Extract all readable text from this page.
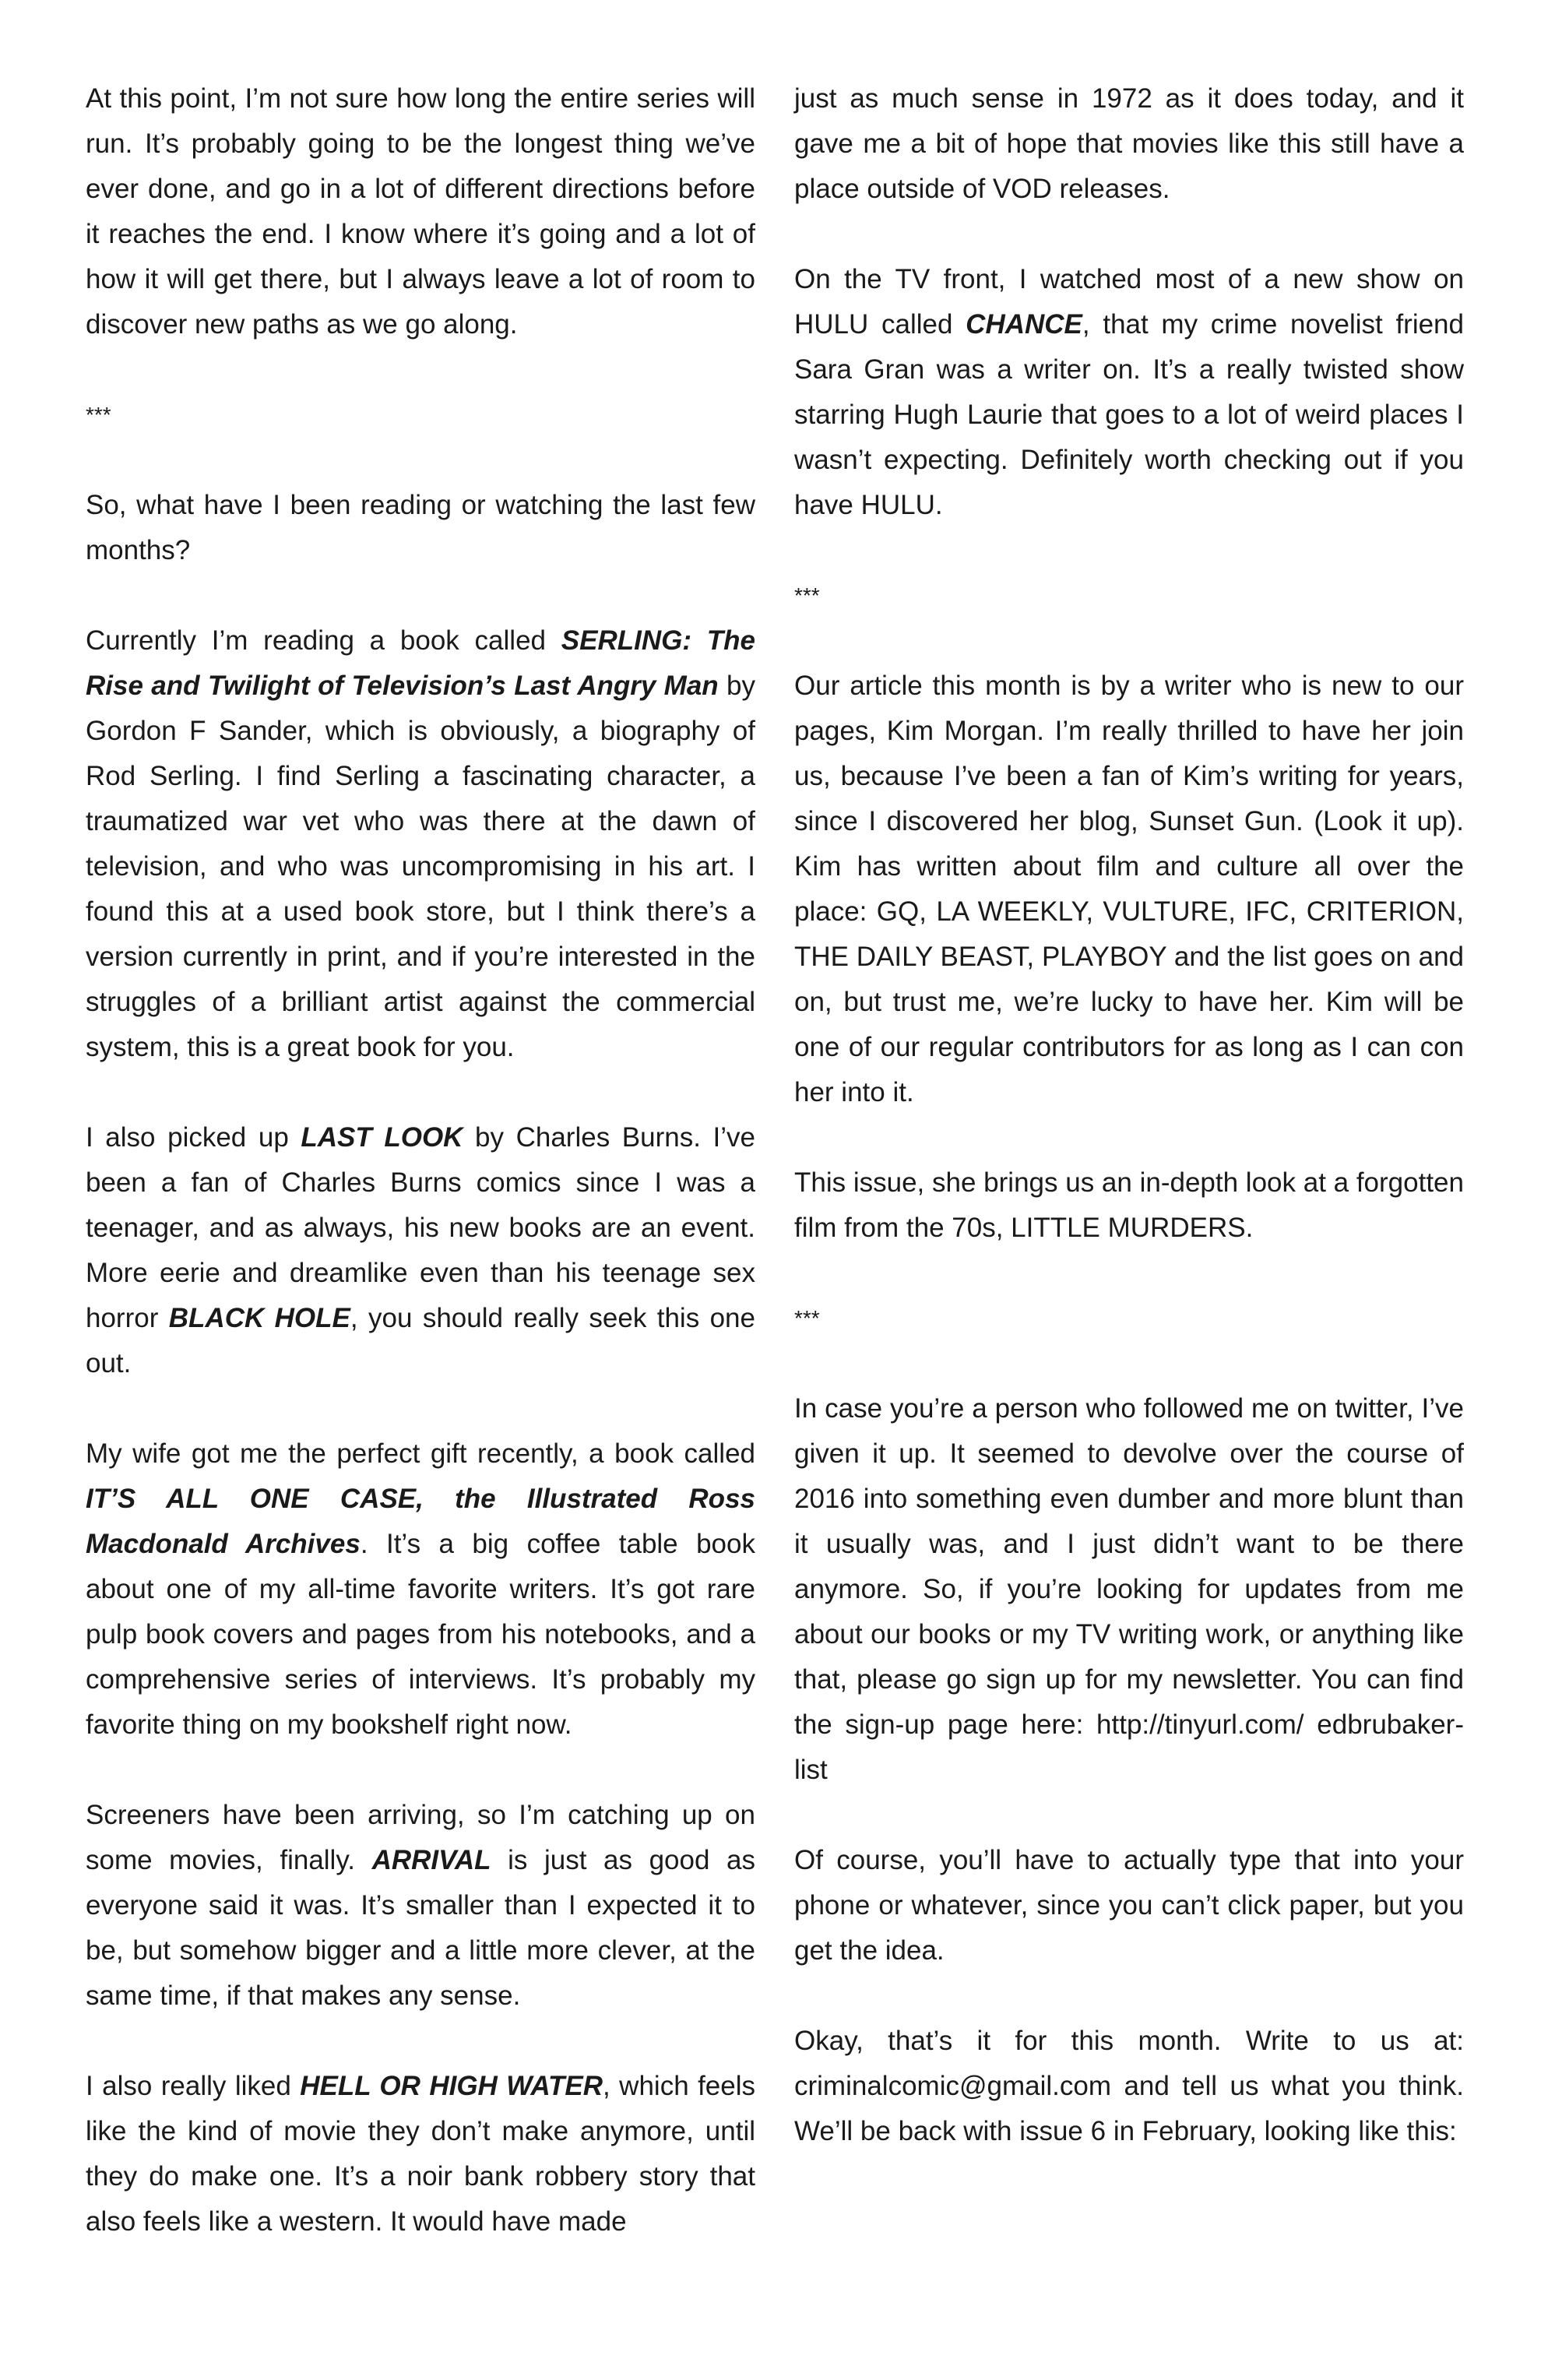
At this point, I’m not sure how long the entire series will run. It’s probably going to be the longest thing we’ve ever done, and go in a lot of different directions before it reaches the end. I know where it’s going and a lot of how it will get there, but I always leave a lot of room to discover new paths as we go along.

***

So, what have I been reading or watching the last few months?

Currently I’m reading a book called SERLING: The Rise and Twilight of Television’s Last Angry Man by Gordon F Sander, which is obviously, a biography of Rod Serling. I find Serling a fascinating character, a traumatized war vet who was there at the dawn of television, and who was uncompromising in his art. I found this at a used book store, but I think there’s a version currently in print, and if you’re interested in the struggles of a brilliant artist against the commercial system, this is a great book for you.

I also picked up LAST LOOK by Charles Burns. I’ve been a fan of Charles Burns comics since I was a teenager, and as always, his new books are an event. More eerie and dreamlike even than his teenage sex horror BLACK HOLE, you should really seek this one out.

My wife got me the perfect gift recently, a book called IT’S ALL ONE CASE, the Illustrated Ross Macdonald Archives. It’s a big coffee table book about one of my all-time favorite writers. It’s got rare pulp book covers and pages from his notebooks, and a comprehensive series of interviews. It’s probably my favorite thing on my bookshelf right now.

Screeners have been arriving, so I’m catching up on some movies, finally. ARRIVAL is just as good as everyone said it was. It’s smaller than I expected it to be, but somehow bigger and a little more clever, at the same time, if that makes any sense.

I also really liked HELL OR HIGH WATER, which feels like the kind of movie they don’t make anymore, until they do make one. It’s a noir bank robbery story that also feels like a western. It would have made

just as much sense in 1972 as it does today, and it gave me a bit of hope that movies like this still have a place outside of VOD releases.

On the TV front, I watched most of a new show on HULU called CHANCE, that my crime novelist friend Sara Gran was a writer on. It’s a really twisted show starring Hugh Laurie that goes to a lot of weird places I wasn’t expecting. Definitely worth checking out if you have HULU.

***

Our article this month is by a writer who is new to our pages, Kim Morgan. I’m really thrilled to have her join us, because I’ve been a fan of Kim’s writing for years, since I discovered her blog, Sunset Gun. (Look it up). Kim has written about film and culture all over the place: GQ, LA WEEKLY, VULTURE, IFC, CRITERION, THE DAILY BEAST, PLAYBOY and the list goes on and on, but trust me, we’re lucky to have her. Kim will be one of our regular contributors for as long as I can con her into it.

This issue, she brings us an in-depth look at a forgotten film from the 70s, LITTLE MURDERS.

***

In case you’re a person who followed me on twitter, I’ve given it up. It seemed to devolve over the course of 2016 into something even dumber and more blunt than it usually was, and I just didn’t want to be there anymore. So, if you’re looking for updates from me about our books or my TV writing work, or anything like that, please go sign up for my newsletter. You can find the sign-up page here: http://tinyurl.com/ edbrubaker-list

Of course, you’ll have to actually type that into your phone or whatever, since you can’t click paper, but you get the idea.

Okay, that’s it for this month. Write to us at: criminalcomic@gmail.com and tell us what you think. We’ll be back with issue 6 in February, looking like this:
